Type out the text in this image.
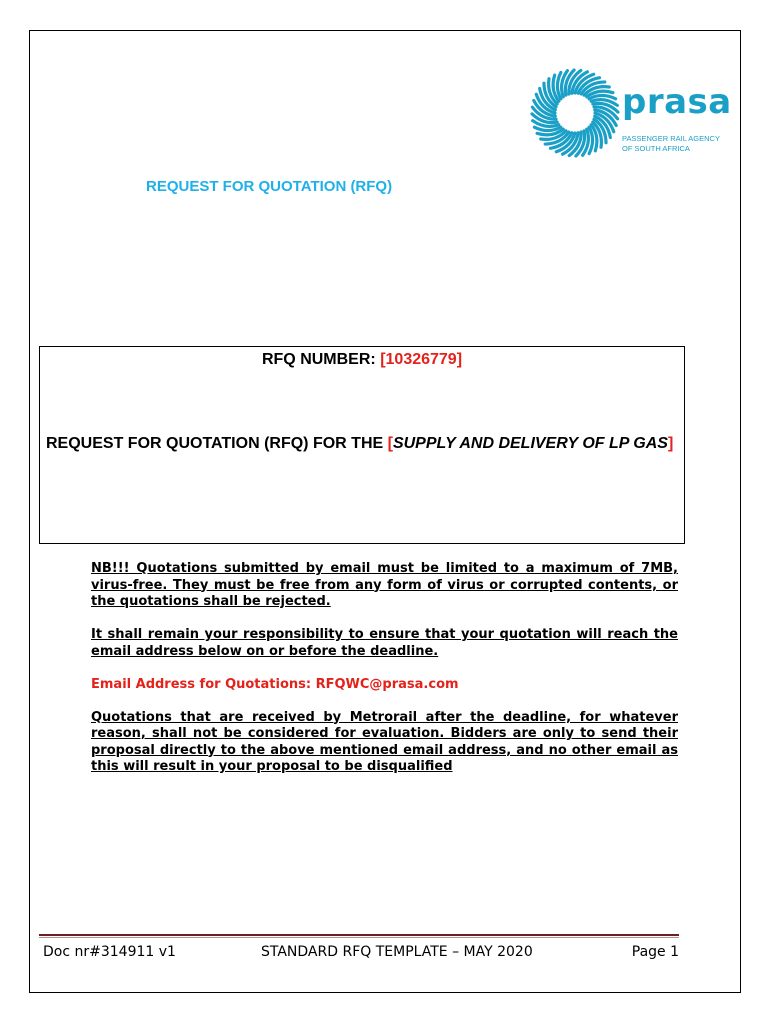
prasa
PASSENGER RAIL AGENCY
OF SOUTH AFRICA
REQUEST FOR QUOTATION (RFQ)
RFQ NUMBER: [10326779]
REQUEST FOR QUOTATION (RFQ) FOR THE [SUPPLY AND DELIVERY OF LP GAS]

NB!!! Quotations submitted by email must be limited to a maximum of 7MB, virus-free. They must be free from any form of virus or corrupted contents, or the quotations shall be rejected.

It shall remain your responsibility to ensure that your quotation will reach the email address below on or before the deadline.

Email Address for Quotations: RFQWC@prasa.com

Quotations that are received by Metrorail after the deadline, for whatever reason, shall not be considered for evaluation. Bidders are only to send their proposal directly to the above mentioned email address, and no other email as this will result in your proposal to be disqualified

Doc nr#314911 v1	STANDARD RFQ TEMPLATE – MAY 2020	Page 1
